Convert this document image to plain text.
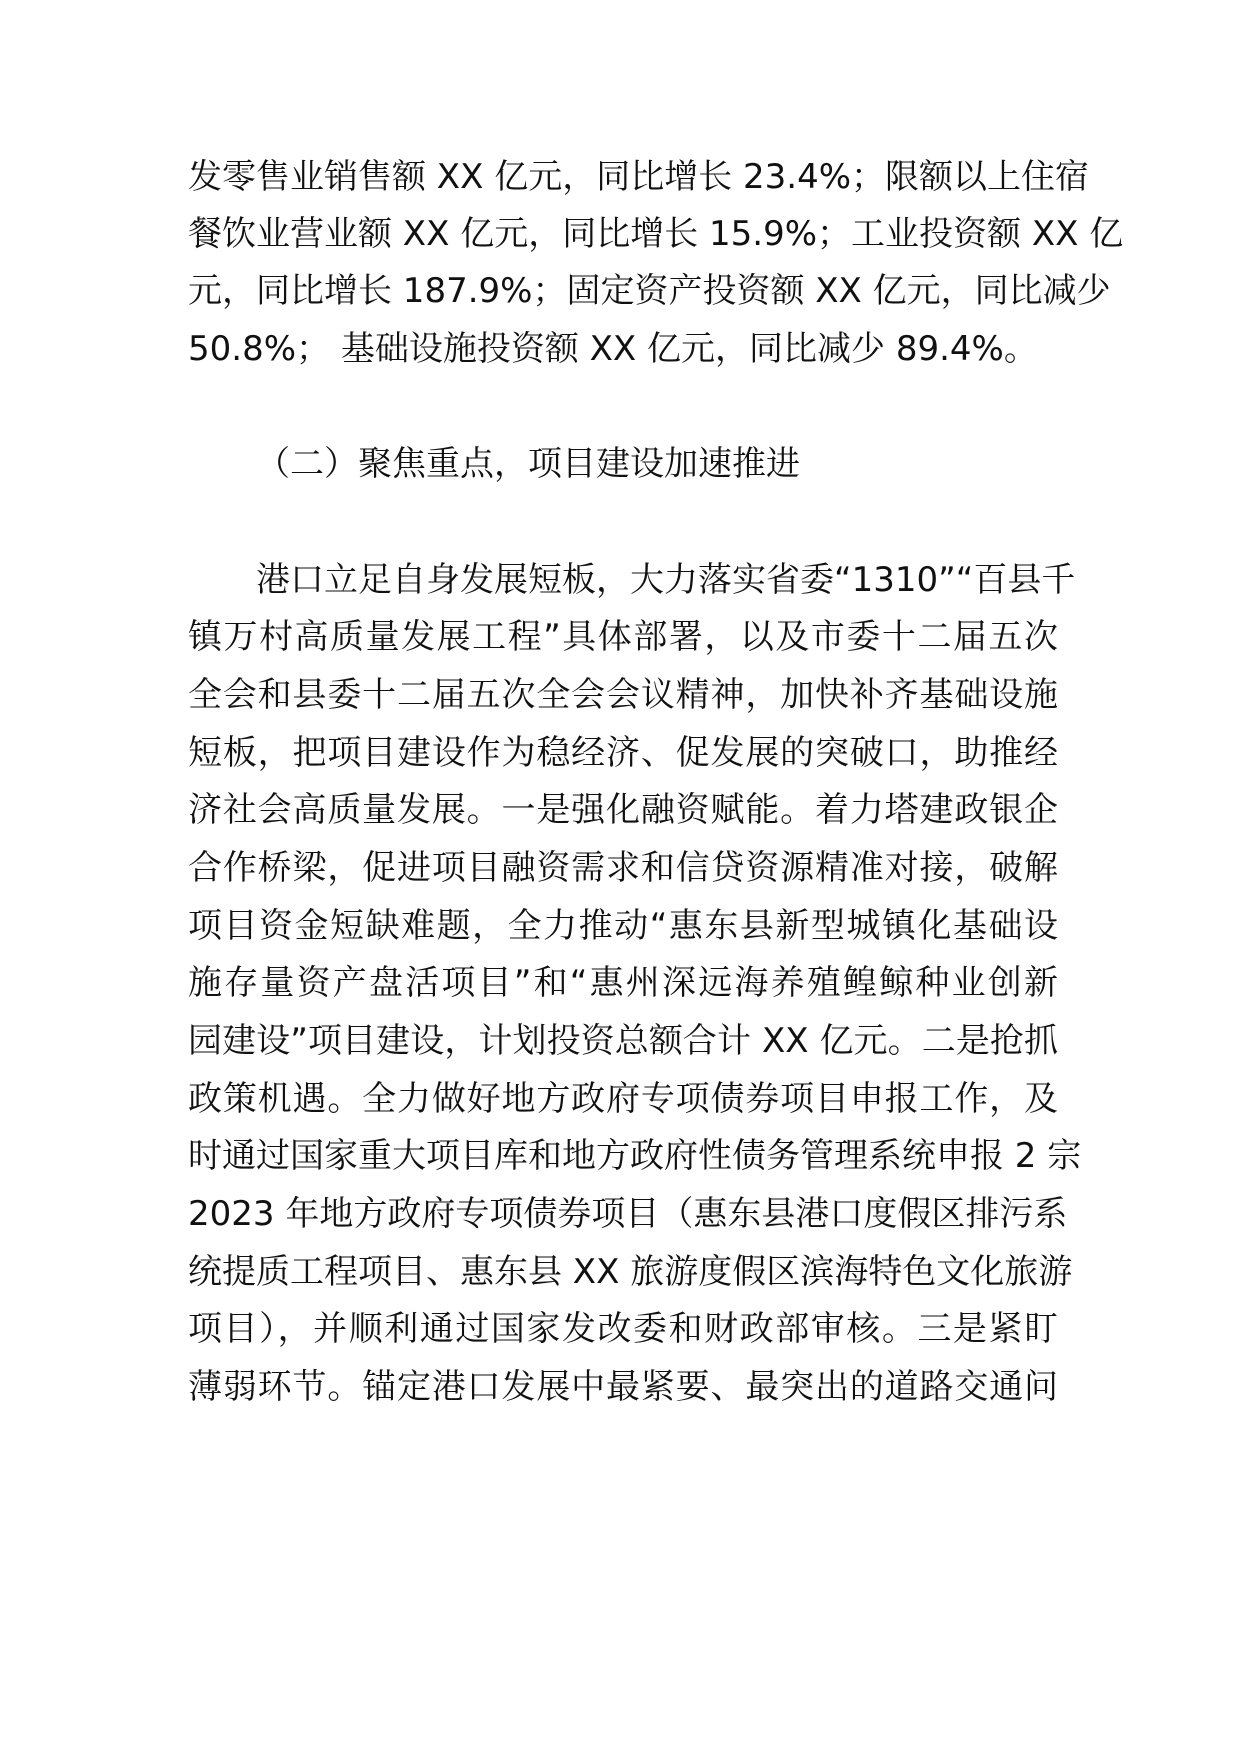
发零售业销售额 XX 亿元，同比增长 23.4%；限额以上住宿
餐饮业营业额 XX 亿元，同比增长 15.9%；工业投资额 XX 亿
元，同比增长 187.9%；固定资产投资额 XX 亿元，同比减少
50.8%； 基础设施投资额 XX 亿元，同比减少 89.4%。
（二）聚焦重点，项目建设加速推进
港口立足自身发展短板，大力落实省委“1310”“百县千
镇万村高质量发展工程”具体部署，以及市委十二届五次
全会和县委十二届五次全会会议精神，加快补齐基础设施
短板，把项目建设作为稳经济、促发展的突破口，助推经
济社会高质量发展。一是强化融资赋能。着力塔建政银企
合作桥梁，促进项目融资需求和信贷资源精准对接，破解
项目资金短缺难题，全力推动“惠东县新型城镇化基础设
施存量资产盘活项目”和“惠州深远海养殖鳇鲸种业创新
园建设”项目建设，计划投资总额合计 XX 亿元。二是抢抓
政策机遇。全力做好地方政府专项债券项目申报工作，及
时通过国家重大项目库和地方政府性债务管理系统申报 2 宗
2023 年地方政府专项债券项目（惠东县港口度假区排污系
统提质工程项目、惠东县 XX 旅游度假区滨海特色文化旅游
项目），并顺利通过国家发改委和财政部审核。三是紧盯
薄弱环节。锚定港口发展中最紧要、最突出的道路交通问
